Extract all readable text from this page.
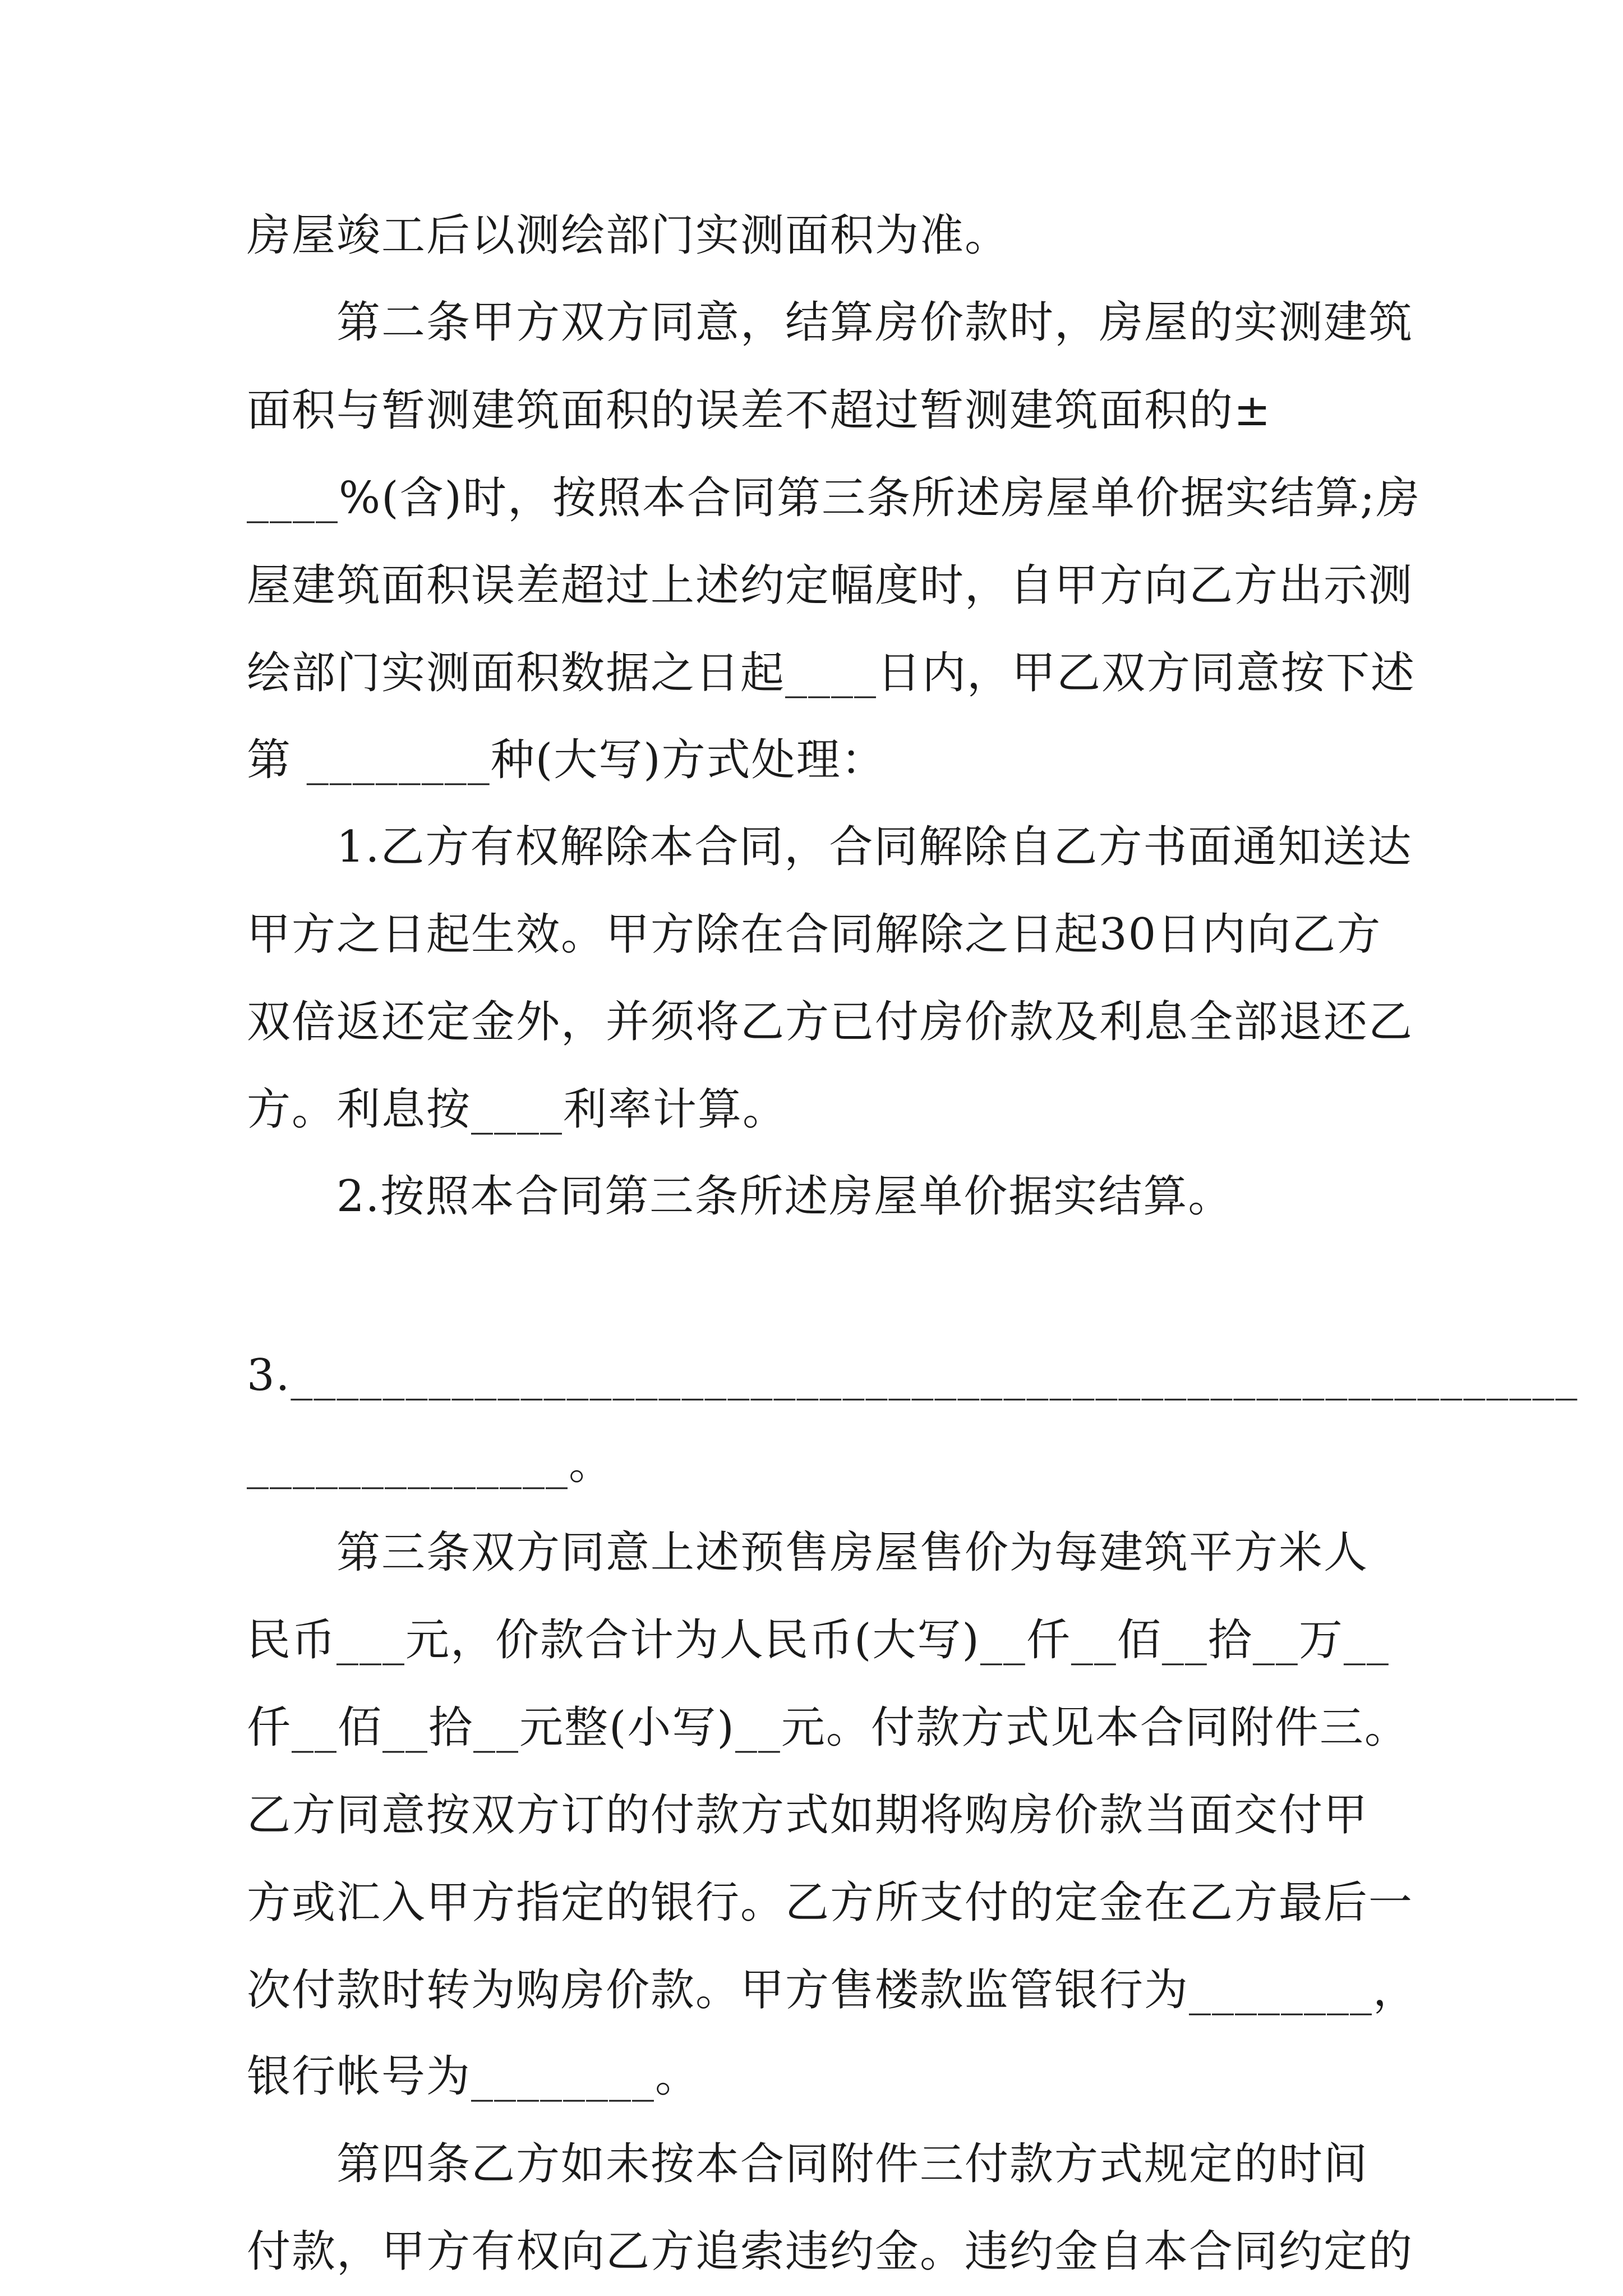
房屋竣工后以测绘部门实测面积为准。
第二条甲方双方同意，结算房价款时，房屋的实测建筑
面积与暂测建筑面积的误差不超过暂测建筑面积的±
____%(含)时，按照本合同第三条所述房屋单价据实结算;房
屋建筑面积误差超过上述约定幅度时，自甲方向乙方出示测
绘部门实测面积数据之日起____日内，甲乙双方同意按下述
第 ________种(大写)方式处理：
1.乙方有权解除本合同，合同解除自乙方书面通知送达
甲方之日起生效。甲方除在合同解除之日起30日内向乙方
双倍返还定金外，并须将乙方已付房价款及利息全部退还乙
方。利息按____利率计算。
2.按照本合同第三条所述房屋单价据实结算。
3.________________________________________________________
______________。
第三条双方同意上述预售房屋售价为每建筑平方米人
民币___元，价款合计为人民币(大写)__仟__佰__拾__万__
仟__佰__拾__元整(小写)__元。付款方式见本合同附件三。
乙方同意按双方订的付款方式如期将购房价款当面交付甲
方或汇入甲方指定的银行。乙方所支付的定金在乙方最后一
次付款时转为购房价款。甲方售楼款监管银行为________，
银行帐号为________。
第四条乙方如未按本合同附件三付款方式规定的时间
付款，甲方有权向乙方追索违约金。违约金自本合同约定的
